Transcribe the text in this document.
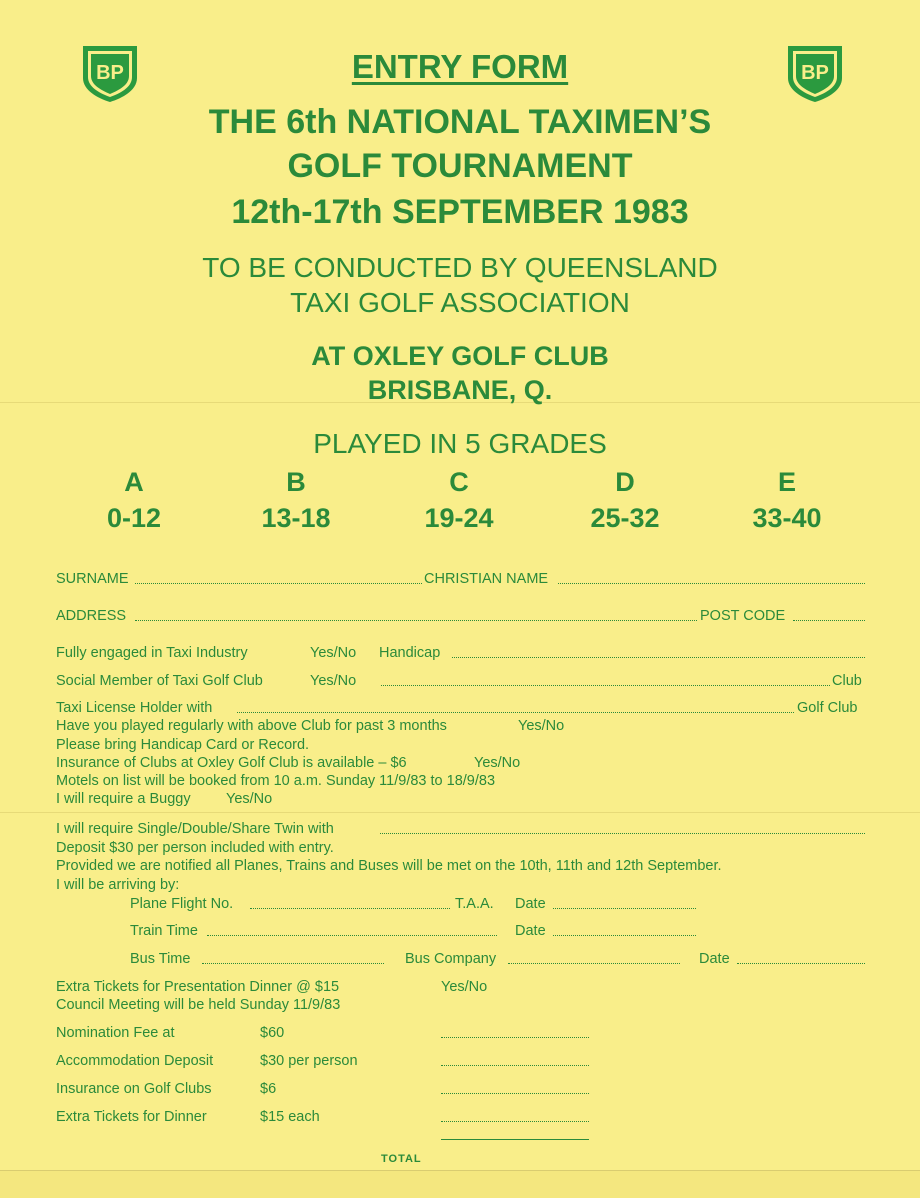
BP	BP
ENTRY FORM
THE 6th NATIONAL TAXIMEN’S
GOLF TOURNAMENT
12th-17th SEPTEMBER 1983
TO BE CONDUCTED BY QUEENSLAND
TAXI GOLF ASSOCIATION
AT OXLEY GOLF CLUB
BRISBANE, Q.
PLAYED IN 5 GRADES
A	B	C	D	E
0-12	13-18	19-24	25-32	33-40
SURNAME	CHRISTIAN NAME
ADDRESS	POST CODE
Fully engaged in Taxi Industry	Yes/No Handicap
Social Member of Taxi Golf Club	Yes/No	Club
Taxi License Holder with	Golf Club
Have you played regularly with above Club for past 3 months	Yes/No
Please bring Handicap Card or Record.
Insurance of Clubs at Oxley Golf Club is available – $6	Yes/No
Motels on list will be booked from 10 a.m. Sunday 11/9/83 to 18/9/83
I will require a Buggy Yes/No
I will require Single/Double/Share Twin with
Deposit $30 per person included with entry.
Provided we are notified all Planes, Trains and Buses will be met on the 10th, 11th and 12th September.
I will be arriving by:
Plane Flight No.	T.A.A. Date
Train Time	Date
Bus Time	Bus Company	Date
Extra Tickets for Presentation Dinner @ $15	Yes/No
Council Meeting will be held Sunday 11/9/83
Nomination Fee at	$60
Accommodation Deposit	$30 per person
Insurance on Golf Clubs	$6
Extra Tickets for Dinner	$15 each
TOTAL
